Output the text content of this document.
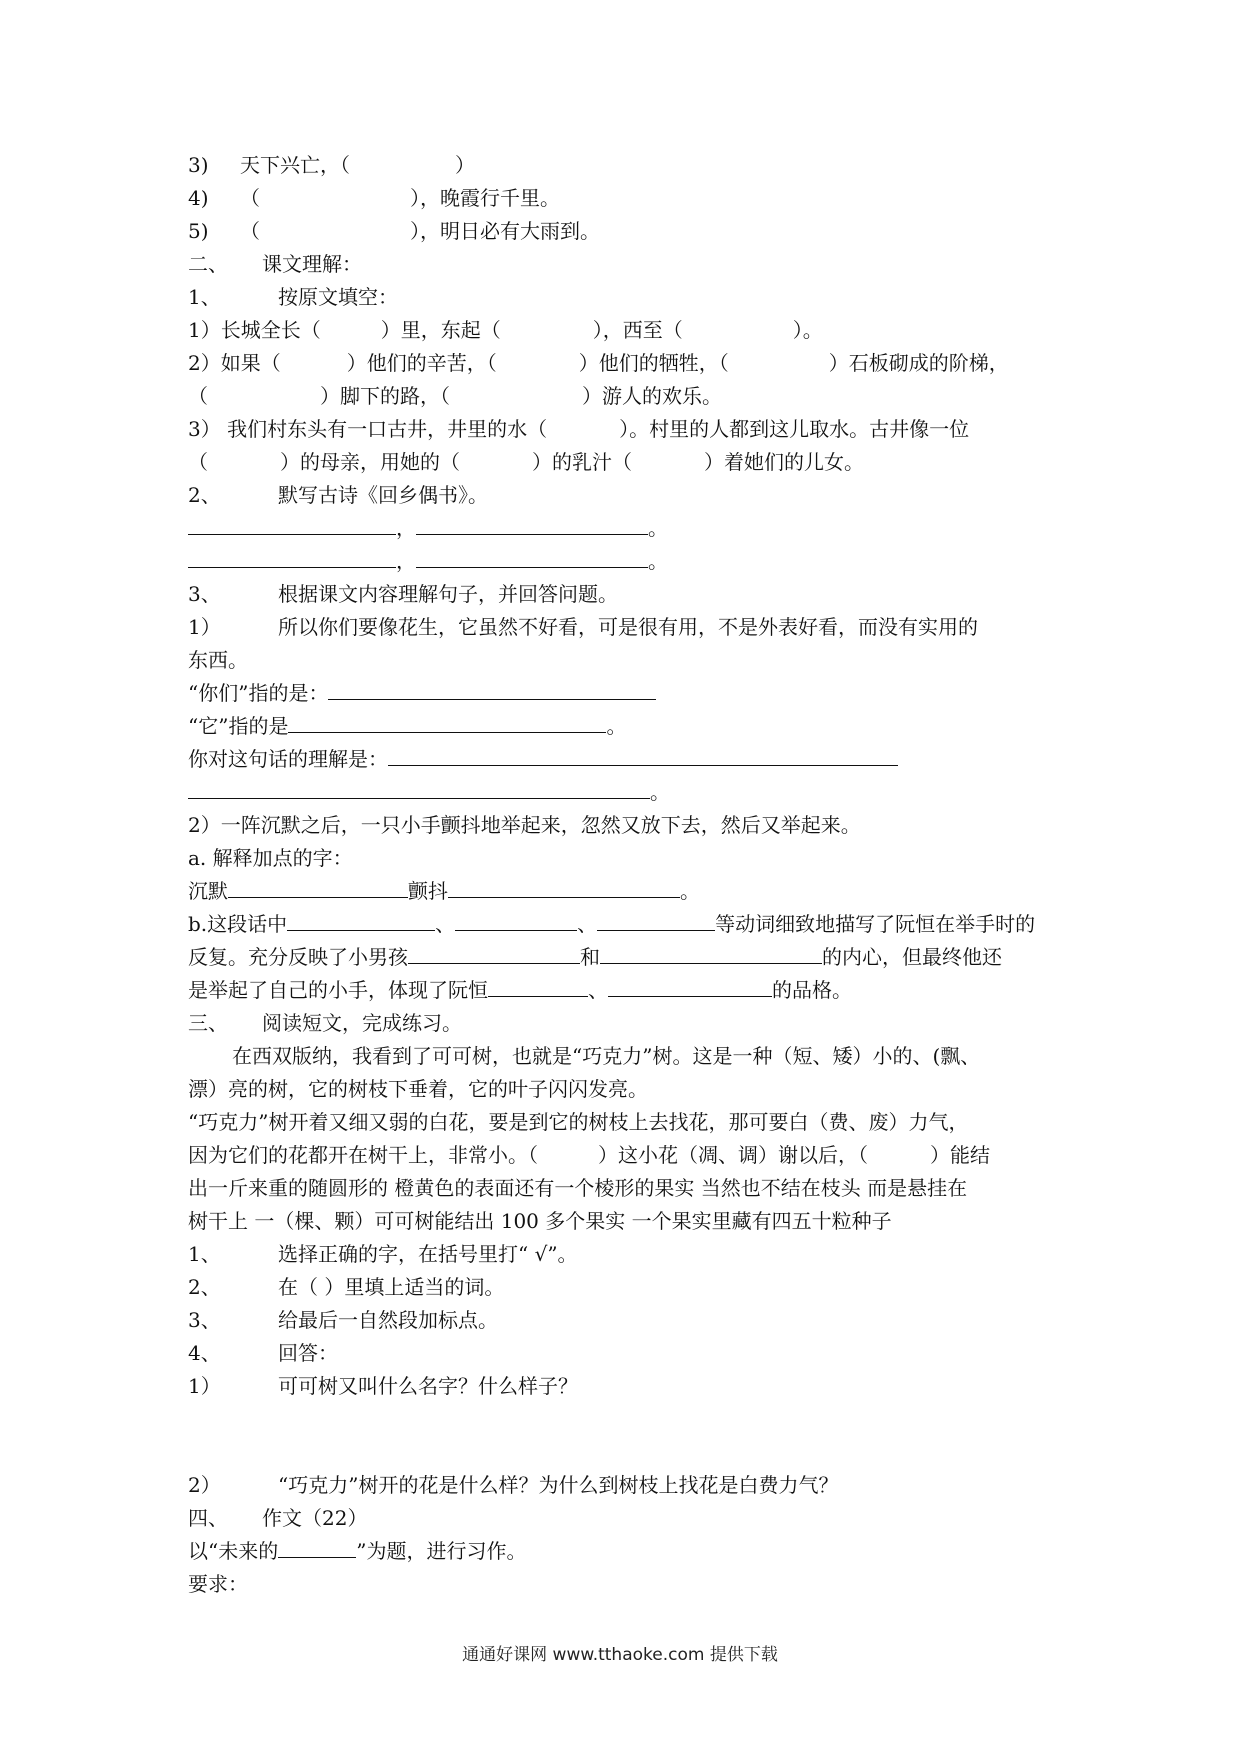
3) 天下兴亡，（	）
4) （	），晚霞行千里。
5) （	），明日必有大雨到。
二、 课文理解：
1、	按原文填空：
1）长城全长（	）里，东起（	），西至（	）。
2）如果（	）他们的辛苦，（	）他们的牺牲，（	）石板砌成的阶梯，
（	）脚下的路，（	）游人的欢乐。
3） 我们村东头有一口古井，井里的水（	）。村里的人都到这儿取水。古井像一位
（	）的母亲，用她的（	）的乳汁（	）着她们的儿女。
2、	默写古诗《回乡偶书》。
，	。
，	。
3、	根据课文内容理解句子，并回答问题。
1）	所以你们要像花生，它虽然不好看，可是很有用，不是外表好看，而没有实用的
东西。
“你们”指的是：
“它”指的是	。
你对这句话的理解是：
。
2）一阵沉默之后，一只小手颤抖地举起来，忽然又放下去，然后又举起来。
a. 解释加点的字：
沉默	颤抖	。
b.这段话中	、	、	等动词细致地描写了阮恒在举手时的
反复。充分反映了小男孩	和	的内心，但最终他还
是举起了自己的小手，体现了阮恒	、	的品格。
三、 阅读短文，完成练习。
在西双版纳，我看到了可可树，也就是“巧克力”树。这是一种（短、矮）小的、(飘、
漂）亮的树，它的树枝下垂着，它的叶子闪闪发亮。
“巧克力”树开着又细又弱的白花，要是到它的树枝上去找花，那可要白（费、废）力气，
因为它们的花都开在树干上，非常小。（	）这小花（凋、调）谢以后，（	）能结
出一斤来重的随圆形的 橙黄色的表面还有一个棱形的果实 当然也不结在枝头 而是悬挂在
树干上 一（棵、颗）可可树能结出 100 多个果实 一个果实里藏有四五十粒种子
1、	选择正确的字，在括号里打“ √”。
2、	在（ ）里填上适当的词。
3、	给最后一自然段加标点。
4、	回答：
1）	可可树又叫什么名字？什么样子？
2）	“巧克力”树开的花是什么样？为什么到树枝上找花是白费力气？
四、 作文（22）
以“未来的	”为题，进行习作。
要求：
通通好课网 www.tthaoke.com 提供下载
